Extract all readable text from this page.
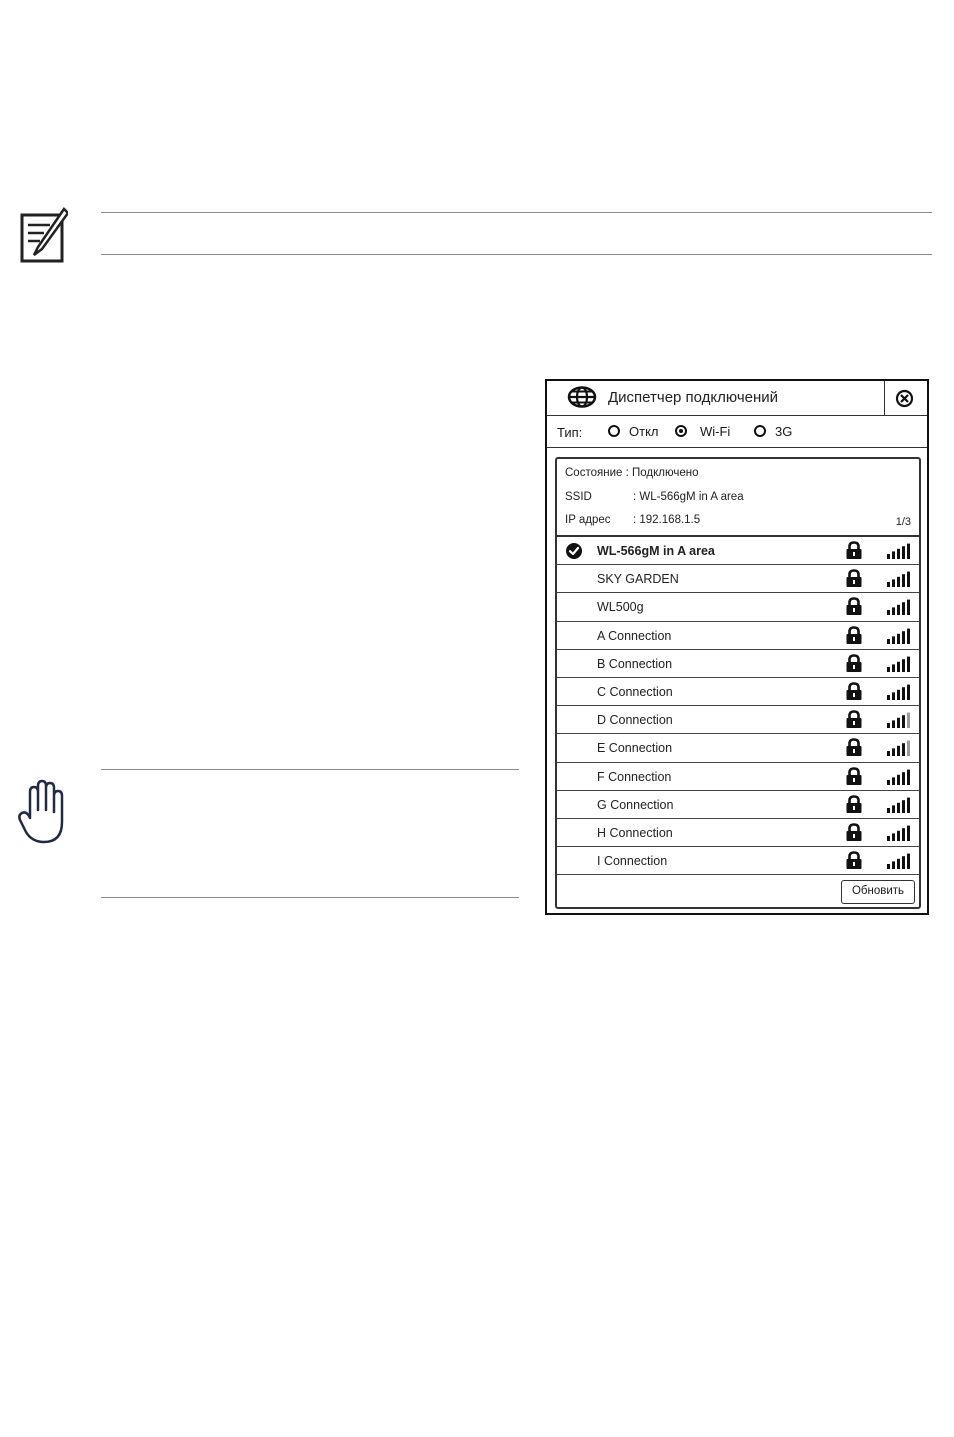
Диспетчер подключений
Тип:	Откл	Wi-Fi	3G
Состояние : Подключено
SSID	: WL-566gM in A area
IP адрес : 192.168.1.5	1/3
WL-566gM in A area
SKY GARDEN
WL500g
A Connection
B Connection
C Connection
D Connection
E Connection
F Connection
G Connection
H Connection
I Connection
Обновить
